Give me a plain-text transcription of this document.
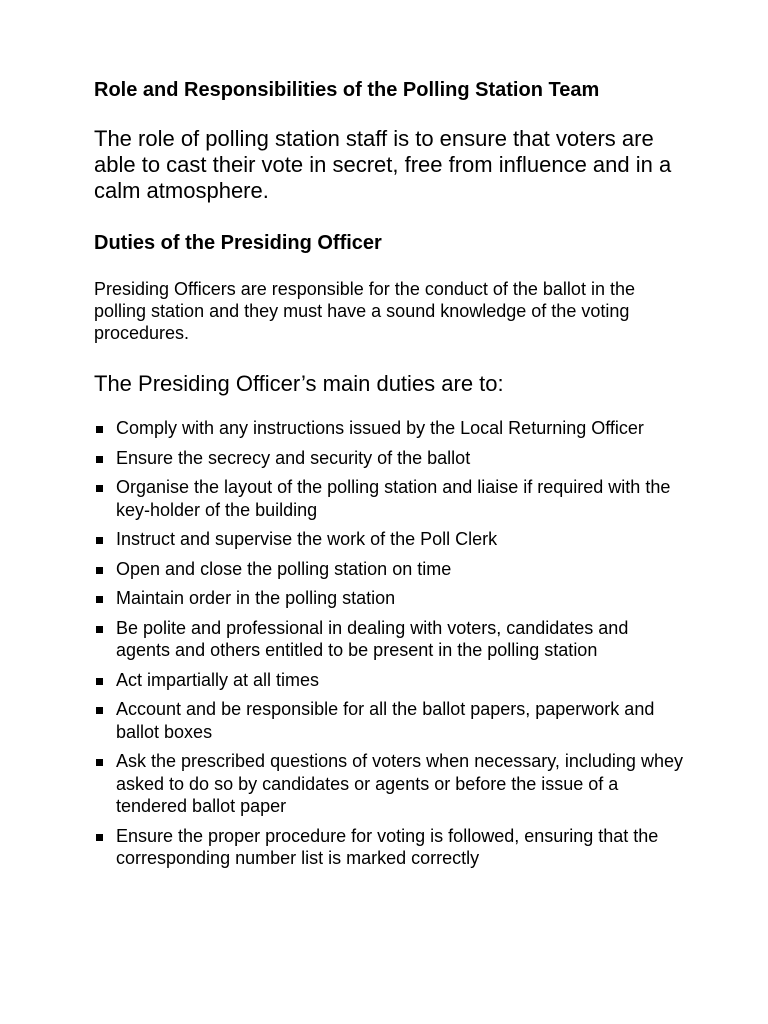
Role and Responsibilities of the Polling Station Team

The role of polling station staff is to ensure that voters are able to cast their vote in secret, free from influence and in a calm atmosphere.

Duties of the Presiding Officer

Presiding Officers are responsible for the conduct of the ballot in the polling station and they must have a sound knowledge of the voting procedures.

The Presiding Officer’s main duties are to:

Comply with any instructions issued by the Local Returning Officer
Ensure the secrecy and security of the ballot
Organise the layout of the polling station and liaise if required with the key-holder of the building
Instruct and supervise the work of the Poll Clerk
Open and close the polling station on time
Maintain order in the polling station
Be polite and professional in dealing with voters, candidates and agents and others entitled to be present in the polling station
Act impartially at all times
Account and be responsible for all the ballot papers, paperwork and ballot boxes
Ask the prescribed questions of voters when necessary, including whey asked to do so by candidates or agents or before the issue of a tendered ballot paper
Ensure the proper procedure for voting is followed, ensuring that the corresponding number list is marked correctly
